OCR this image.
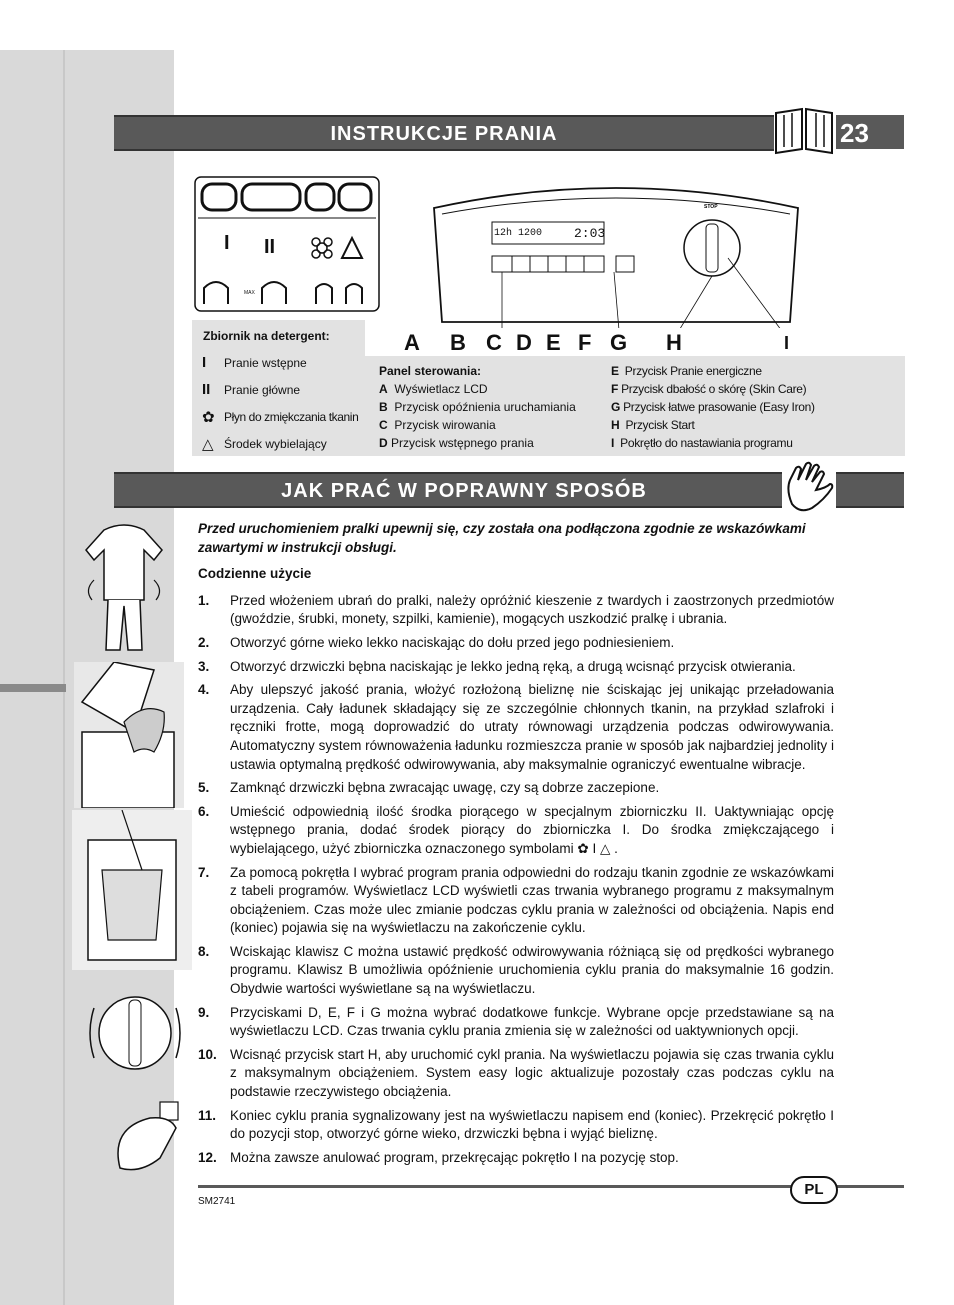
INSTRUKCJE PRANIA	23
I II
MAX
STOP
12h 1200 2:03
A B C D E F G H	I
Zbiornik na detergent:
I	Pranie wstępne
II	Pranie główne
✿ Płyn do zmiękczania tkanin
△ Środek wybielający
Panel sterowania:
A Wyświetlacz LCD
B Przycisk opóźnienia uruchamiania
C Przycisk wirowania
D Przycisk wstępnego prania
E Przycisk Pranie energiczne
F Przycisk dbałość o skórę (Skin Care)
G Przycisk łatwe prasowanie (Easy Iron)
H Przycisk Start
I Pokrętło do nastawiania programu
JAK PRAĆ W POPRAWNY SPOSÓB

Przed uruchomieniem pralki upewnij się, czy została ona podłączona zgodnie ze wskazówkami zawartymi w instrukcji obsługi.

Codzienne użycie

1.	Przed włożeniem ubrań do pralki, należy opróżnić kieszenie z twardych i zaostrzonych przedmiotów (gwoździe, śrubki, monety, szpilki, kamienie), mogących uszkodzić pralkę i ubrania.
2.	Otworzyć górne wieko lekko naciskając do dołu przed jego podniesieniem.
3.	Otworzyć drzwiczki bębna naciskając je lekko jedną ręką, a drugą wcisnąć przycisk otwierania.
4.	Aby ulepszyć jakość prania, włożyć rozłożoną bieliznę nie ściskając jej unikając przeładowania urządzenia. Cały ładunek składający się ze szczególnie chłonnych tkanin, na przykład szlafroki i ręczniki frotte, mogą doprowadzić do utraty równowagi urządzenia podczas odwirowywania. Automatyczny system równoważenia ładunku rozmieszcza pranie w sposób jak najbardziej jednolity i ustawia optymalną prędkość odwirowywania, aby maksymalnie ograniczyć ewentualne wibracje.
5.	Zamknąć drzwiczki bębna zwracając uwagę, czy są dobrze zaczepione.
6.	Umieścić odpowiednią ilość środka piorącego w specjalnym zbiorniczku II. Uaktywniając opcję wstępnego prania, dodać środek piorący do zbiorniczka I. Do środka zmiękczającego i wybielającego, użyć zbiorniczka oznaczonego symbolami ✿ I △ .
7.	Za pomocą pokrętła I wybrać program prania odpowiedni do rodzaju tkanin zgodnie ze wskazówkami z tabeli programów. Wyświetlacz LCD wyświetli czas trwania wybranego programu z maksymalnym obciążeniem. Czas może ulec zmianie podczas cyklu prania w zależności od obciążenia. Napis end (koniec) pojawia się na wyświetlaczu na zakończenie cyklu.
8.	Wciskając klawisz C można ustawić prędkość odwirowywania różniącą się od prędkości wybranego programu. Klawisz B umożliwia opóźnienie uruchomienia cyklu prania do maksymalnie 16 godzin. Obydwie wartości wyświetlane są na wyświetlaczu.
9.	Przyciskami D, E, F i G można wybrać dodatkowe funkcje. Wybrane opcje przedstawiane są na wyświetlaczu LCD. Czas trwania cyklu prania zmienia się w zależności od uaktywnionych opcji.
10. Wcisnąć przycisk start H, aby uruchomić cykl prania. Na wyświetlaczu pojawia się czas trwania cyklu z maksymalnym obciążeniem. System easy logic aktualizuje pozostały czas podczas cyklu na podstawie rzeczywistego obciążenia.
11.	Koniec cyklu prania sygnalizowany jest na wyświetlaczu napisem end (koniec). Przekręcić pokrętło I do pozycji stop, otworzyć górne wieko, drzwiczki bębna i wyjąć bieliznę.
12. Można zawsze anulować program, przekręcając pokrętło I na pozycję stop.
PL
SM2741
